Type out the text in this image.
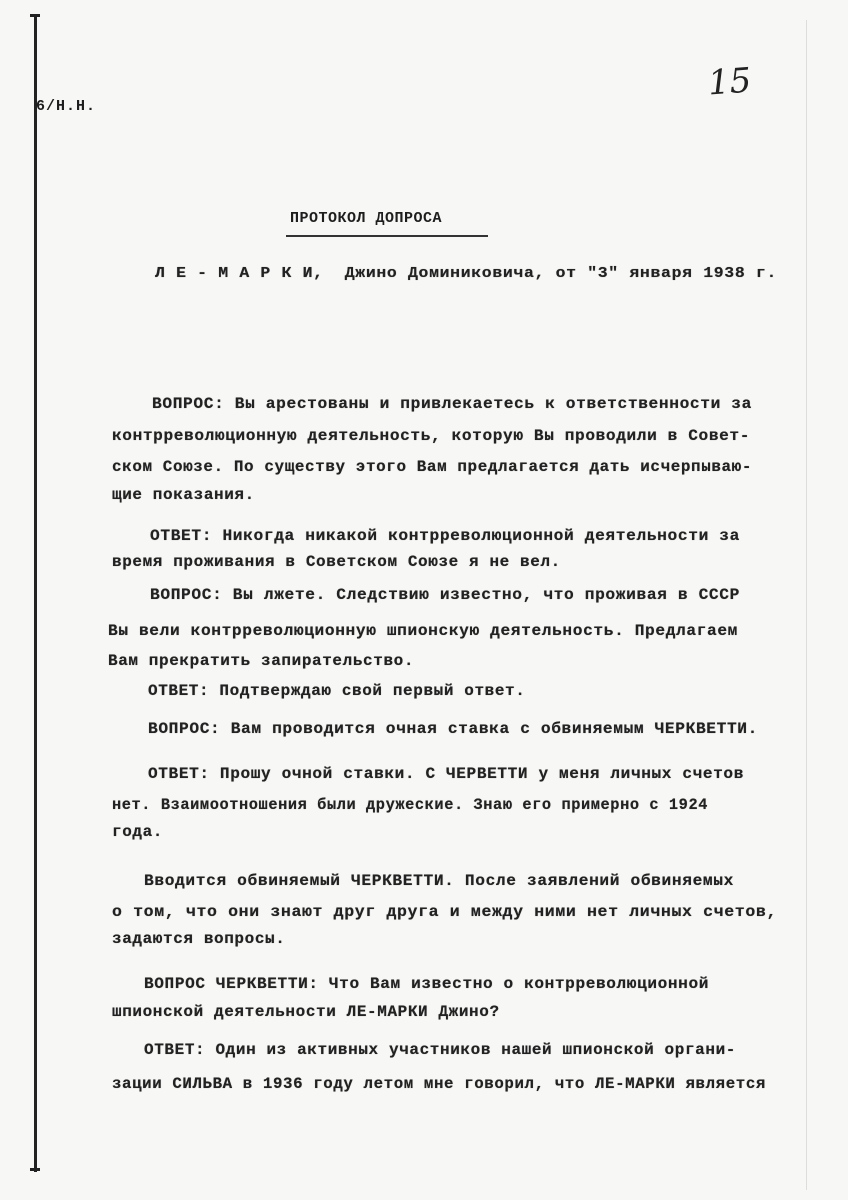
6/Н.Н.
15
ПРОТОКОЛ ДОПРОСА
Л Е - М А Р К И,  Джино Доминиковича, от "3" января 1938 г.
ВОПРОС: Вы арестованы и привлекаетесь к ответственности за
контрреволюционную деятельность, которую Вы проводили в Совет-
ском Союзе. По существу этого Вам предлагается дать исчерпываю-
щие показания.
ОТВЕТ: Никогда никакой контрреволюционной деятельности за
время проживания в Советском Союзе я не вел.
ВОПРОС: Вы лжете. Следствию известно, что проживая в СССР
Вы вели контрреволюционную шпионскую деятельность. Предлагаем
Вам прекратить запирательство.
ОТВЕТ: Подтверждаю свой первый ответ.
ВОПРОС: Вам проводится очная ставка с обвиняемым ЧЕРКВЕТТИ.
ОТВЕТ: Прошу очной ставки. С ЧЕРВЕТТИ у меня личных счетов
нет. Взаимоотношения были дружеские. Знаю его примерно с 1924
года.
Вводится обвиняемый ЧЕРКВЕТТИ. После заявлений обвиняемых
о том, что они знают друг друга и между ними нет личных счетов,
задаются вопросы.
ВОПРОС ЧЕРКВЕТТИ: Что Вам известно о контрреволюционной
шпионской деятельности ЛЕ-МАРКИ Джино?
ОТВЕТ: Один из активных участников нашей шпионской органи-
зации СИЛЬВА в 1936 году летом мне говорил, что ЛЕ-МАРКИ является
